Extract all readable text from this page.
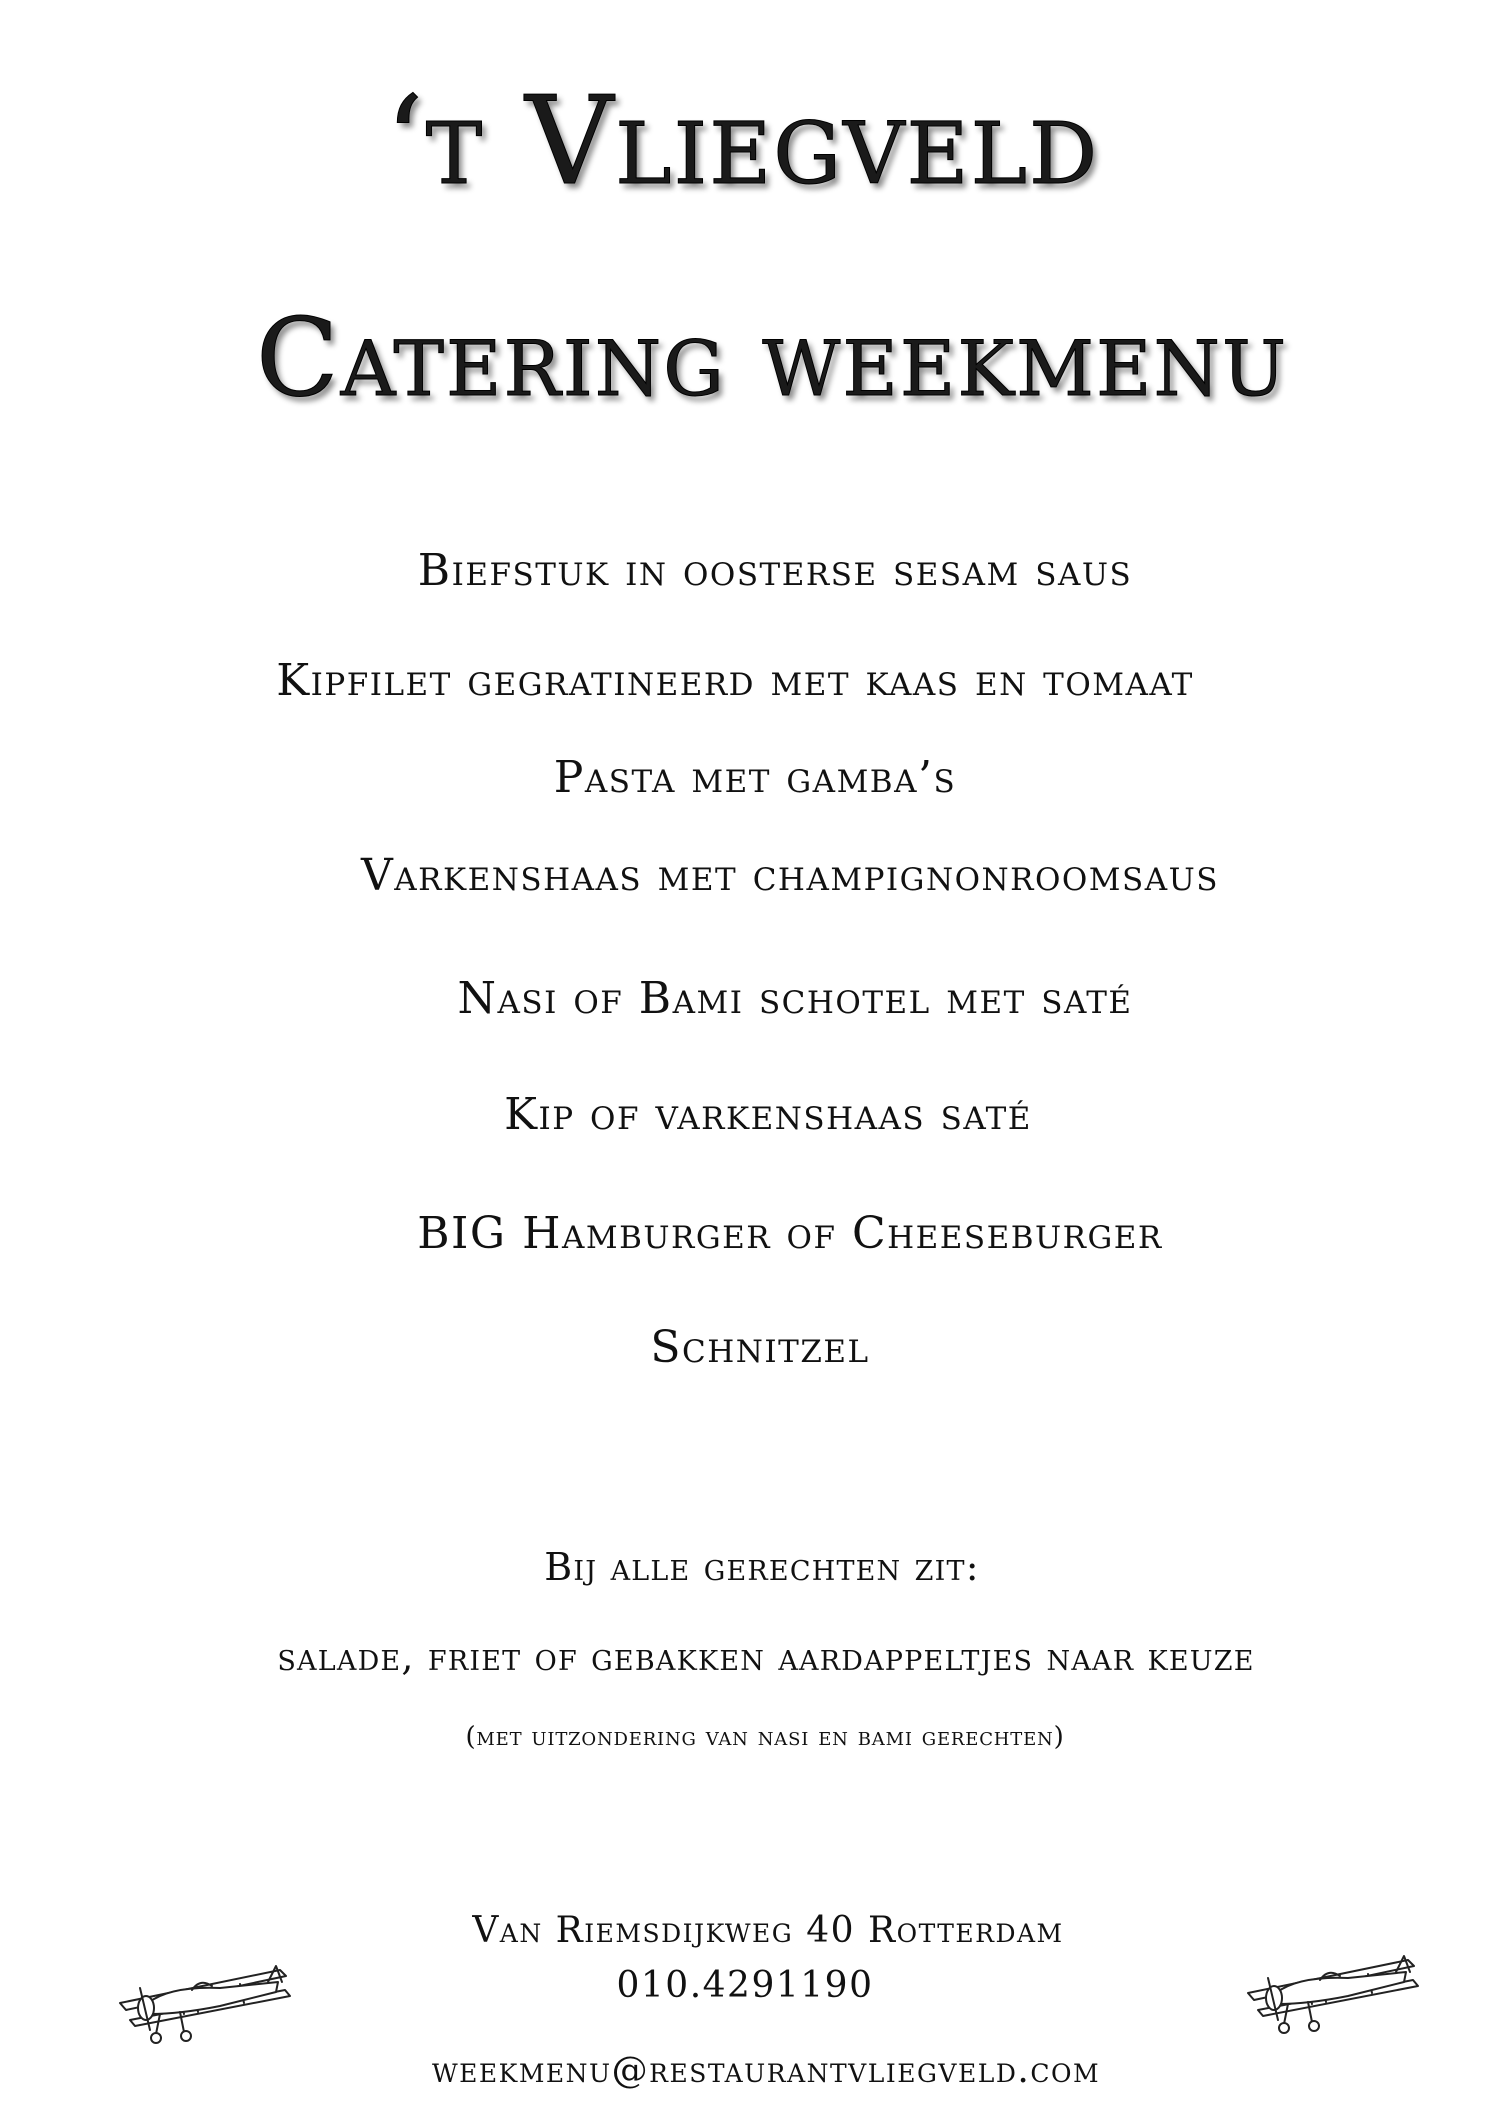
‘t Vliegveld
Catering weekmenu
Biefstuk in oosterse sesam saus
Kipfilet gegratineerd met kaas en tomaat
Pasta met gamba’s
Varkenshaas met champignonroomsaus
Nasi of Bami schotel met saté
Kip of varkenshaas saté
BIG Hamburger of Cheeseburger
Schnitzel
Bij alle gerechten zit:
salade, friet of gebakken aardappeltjes naar keuze
(met uitzondering van nasi en bami gerechten)
Van Riemsdijkweg 40 Rotterdam
010.4291190
weekmenu@restaurantvliegveld.com
